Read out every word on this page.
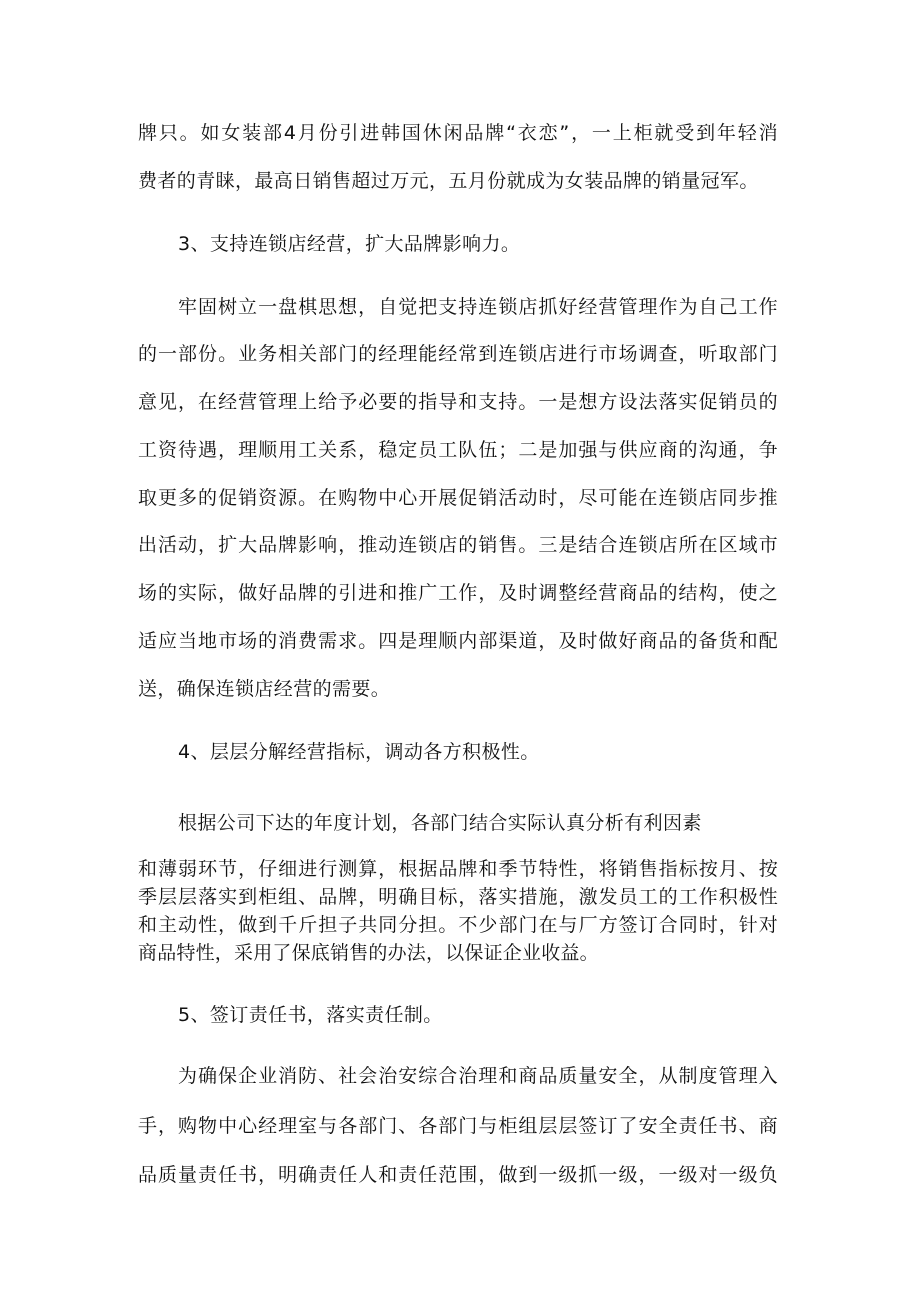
牌只。如女装部4月份引进韩国休闲品牌“衣恋”，一上柜就受到年轻消
费者的青睐，最高日销售超过万元，五月份就成为女装品牌的销量冠军。
3、支持连锁店经营，扩大品牌影响力。
牢固树立一盘棋思想，自觉把支持连锁店抓好经营管理作为自己工作
的一部份。业务相关部门的经理能经常到连锁店进行市场调查，听取部门
意见，在经营管理上给予必要的指导和支持。一是想方设法落实促销员的
工资待遇，理顺用工关系，稳定员工队伍；二是加强与供应商的沟通，争
取更多的促销资源。在购物中心开展促销活动时，尽可能在连锁店同步推
出活动，扩大品牌影响，推动连锁店的销售。三是结合连锁店所在区域市
场的实际，做好品牌的引进和推广工作，及时调整经营商品的结构，使之
适应当地市场的消费需求。四是理顺内部渠道，及时做好商品的备货和配
送，确保连锁店经营的需要。
4、层层分解经营指标，调动各方积极性。
根据公司下达的年度计划，各部门结合实际认真分析有利因素
和薄弱环节，仔细进行测算，根据品牌和季节特性，将销售指标按月、按
季层层落实到柜组、品牌，明确目标，落实措施，激发员工的工作积极性
和主动性，做到千斤担子共同分担。不少部门在与厂方签订合同时，针对
商品特性，采用了保底销售的办法，以保证企业收益。
5、签订责任书，落实责任制。
为确保企业消防、社会治安综合治理和商品质量安全，从制度管理入
手，购物中心经理室与各部门、各部门与柜组层层签订了安全责任书、商
品质量责任书，明确责任人和责任范围，做到一级抓一级，一级对一级负
